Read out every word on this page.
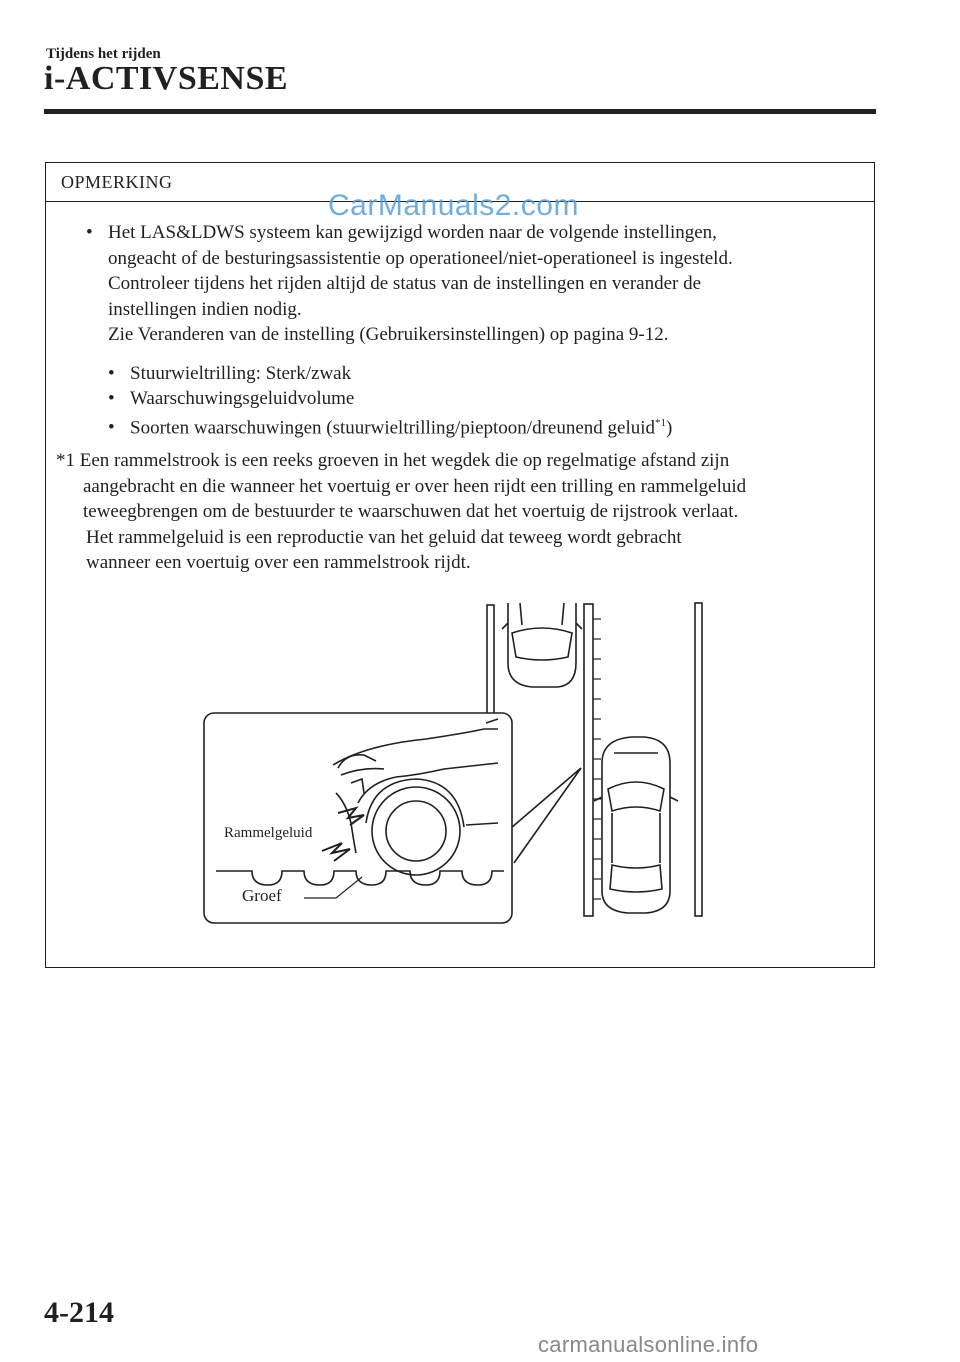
Tijdens het rijden
i-ACTIVSENSE
OPMERKING
CarManuals2.com
• Het LAS&LDWS systeem kan gewijzigd worden naar de volgende instellingen,
ongeacht of de besturingsassistentie op operationeel/niet-operationeel is ingesteld.
Controleer tijdens het rijden altijd de status van de instellingen en verander de
instellingen indien nodig.
Zie Veranderen van de instelling (Gebruikersinstellingen) op pagina 9-12.
• Stuurwieltrilling: Sterk/zwak
• Waarschuwingsgeluidvolume
• Soorten waarschuwingen (stuurwieltrilling/pieptoon/dreunend geluid$^{*1}$)
*1 Een rammelstrook is een reeks groeven in het wegdek die op regelmatige afstand zijn
aangebracht en die wanneer het voertuig er over heen rijdt een trilling en rammelgeluid
teweegbrengen om de bestuurder te waarschuwen dat het voertuig de rijstrook verlaat.
Het rammelgeluid is een reproductie van het geluid dat teweeg wordt gebracht
wanneer een voertuig over een rammelstrook rijdt.
Rammelgeluid
Groef
4-214
carmanualsonline.info
